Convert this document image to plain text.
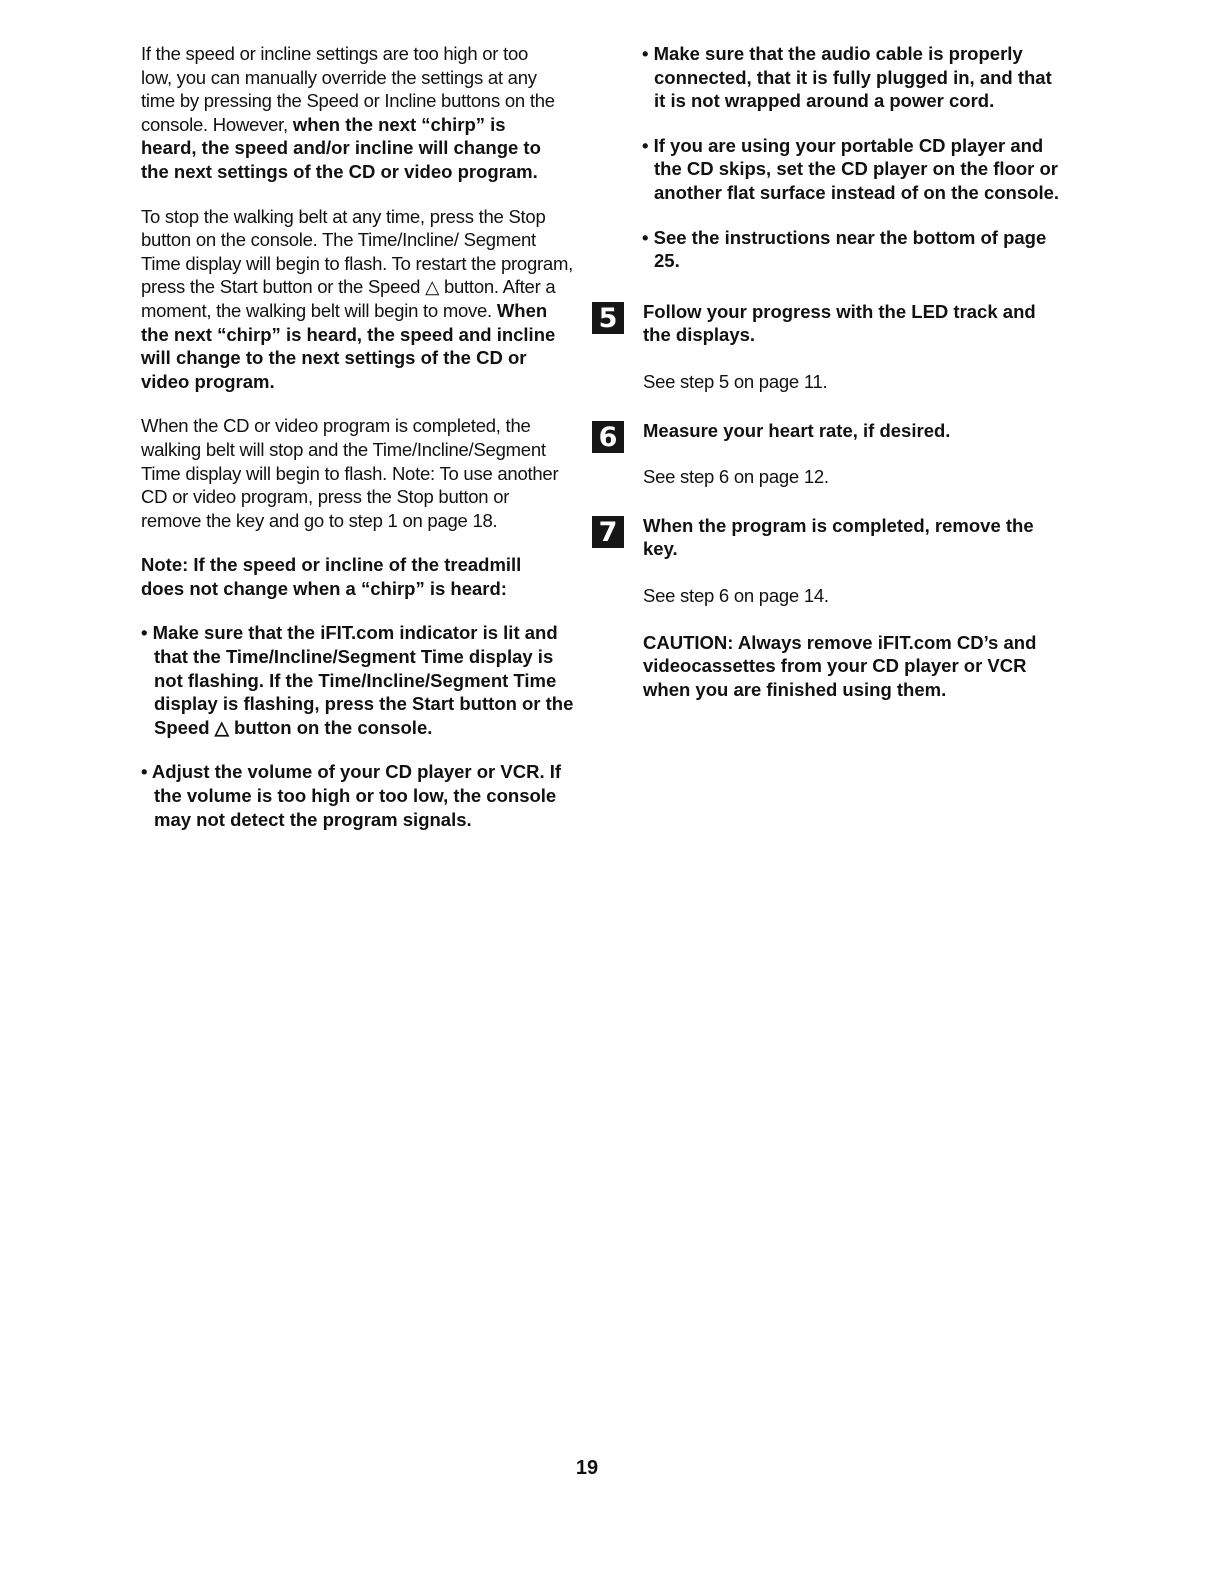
If the speed or incline settings are too high or too low, you can manually override the settings at any time by pressing the Speed or Incline buttons on the console. However, when the next “chirp” is heard, the speed and/or incline will change to the next settings of the CD or video program.

To stop the walking belt at any time, press the Stop button on the console. The Time/Incline/ Segment Time display will begin to flash. To restart the program, press the Start button or the Speed △ button. After a moment, the walking belt will begin to move. When the next “chirp” is heard, the speed and incline will change to the next settings of the CD or video program.

When the CD or video program is completed, the walking belt will stop and the Time/Incline/Segment Time display will begin to flash. Note: To use another CD or video program, press the Stop button or remove the key and go to step 1 on page 18.

Note: If the speed or incline of the treadmill does not change when a “chirp” is heard:

• Make sure that the iFIT.com indicator is lit and that the Time/Incline/Segment Time display is not flashing. If the Time/Incline/Segment Time display is flashing, press the Start button or the Speed △ button on the console.

• Adjust the volume of your CD player or VCR. If the volume is too high or too low, the console may not detect the program signals.

• Make sure that the audio cable is properly connected, that it is fully plugged in, and that it is not wrapped around a power cord.

• If you are using your portable CD player and the CD skips, set the CD player on the floor or another flat surface instead of on the console.

• See the instructions near the bottom of page 25.

5	Follow your progress with the LED track and the displays.

See step 5 on page 11.

6	Measure your heart rate, if desired.

See step 6 on page 12.

7	When the program is completed, remove the key.

See step 6 on page 14.

CAUTION: Always remove iFIT.com CD’s and videocassettes from your CD player or VCR when you are finished using them.

19
